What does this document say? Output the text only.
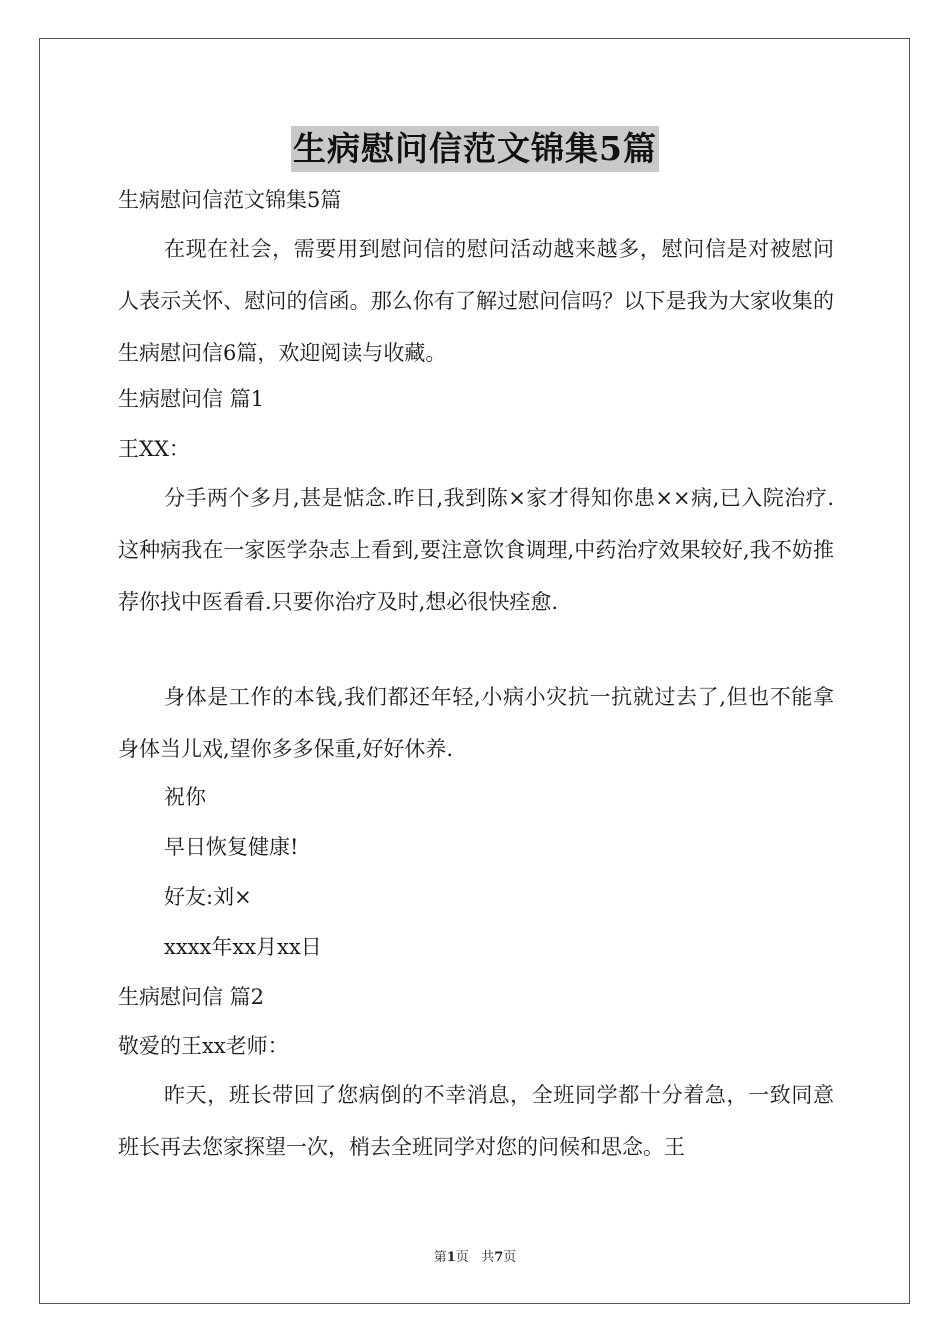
生病慰问信范文锦集5篇
生病慰问信范文锦集5篇

在现在社会，需要用到慰问信的慰问活动越来越多，慰问信是对被慰问人表示关怀、慰问的信函。那么你有了解过慰问信吗？以下是我为大家收集的生病慰问信6篇，欢迎阅读与收藏。

生病慰问信 篇1
王XX：

分手两个多月,甚是惦念.昨日,我到陈×家才得知你患××病,已入院治疗.这种病我在一家医学杂志上看到,要注意饮食调理,中药治疗效果较好,我不妨推荐你找中医看看.只要你治疗及时,想必很快痊愈.

身体是工作的本钱,我们都还年轻,小病小灾抗一抗就过去了,但也不能拿身体当儿戏,望你多多保重,好好休养.

祝你
早日恢复健康!
好友:刘×
xxxx年xx月xx日
生病慰问信 篇2
敬爱的王xx老师：

昨天，班长带回了您病倒的不幸消息，全班同学都十分着急，一致同意班长再去您家探望一次，梢去全班同学对您的问候和思念。王

第1页   共7页
